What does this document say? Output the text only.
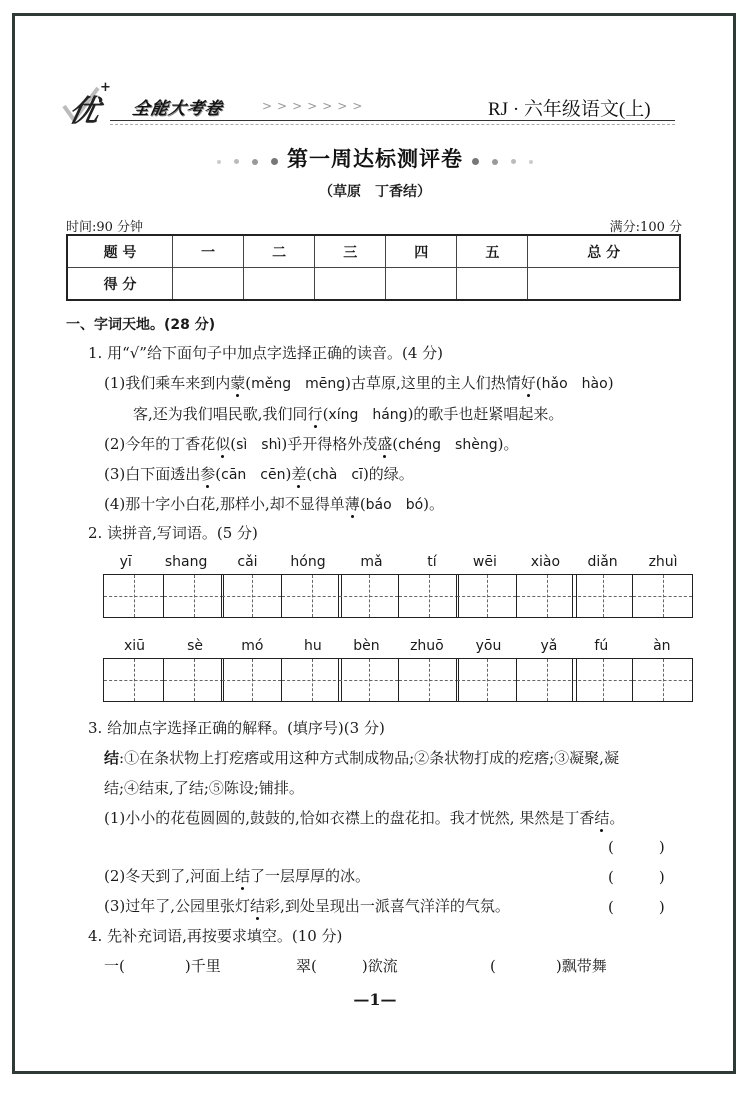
优
+
全能大考卷	>>>>>>>	RJ · 六年级语文(上)
第一周达标测评卷
（草原　丁香结）
时间:90 分钟	满分:100 分
题 号	一	二	三	四	五	总 分
得 分						
一、字词天地。(28 分)
1. 用“√”给下面句子中加点字选择正确的读音。(4 分)
(1)我们乘车来到内蒙(měng　mēng)古草原,这里的主人们热情好(hǎo　hào)
客,还为我们唱民歌,我们同行(xíng　háng)的歌手也赶紧唱起来。
(2)今年的丁香花似(sì　shì)乎开得格外茂盛(chéng　shèng)。
(3)白下面透出参(cān　cēn)差(chà　cī)的绿。
(4)那十字小白花,那样小,却不显得单薄(báo　bó)。
2. 读拼音,写词语。(5 分)
yī shang cǎi hóng mǎ	tí	wēi xiào diǎn zhuì
xiū	sè	mó	hu bèn zhuō yōu	yǎ	fú	àn
3. 给加点字选择正确的解释。(填序号)(3 分)
结:①在条状物上打疙瘩或用这种方式制成物品;②条状物打成的疙瘩;③凝聚,凝
结;④结束,了结;⑤陈设;铺排。
(1)小小的花苞圆圆的,鼓鼓的,恰如衣襟上的盘花扣。我才恍然, 果然是丁香结。
(　　　)
(2)冬天到了,河面上结了一层厚厚的冰。	(　　　)
(3)过年了,公园里张灯结彩,到处呈现出一派喜气洋洋的气氛。	(　　　)
4. 先补充词语,再按要求填空。(10 分)
一(　　　　)千里	翠(　　　)欲流	(　　　　)飘带舞
—1—
